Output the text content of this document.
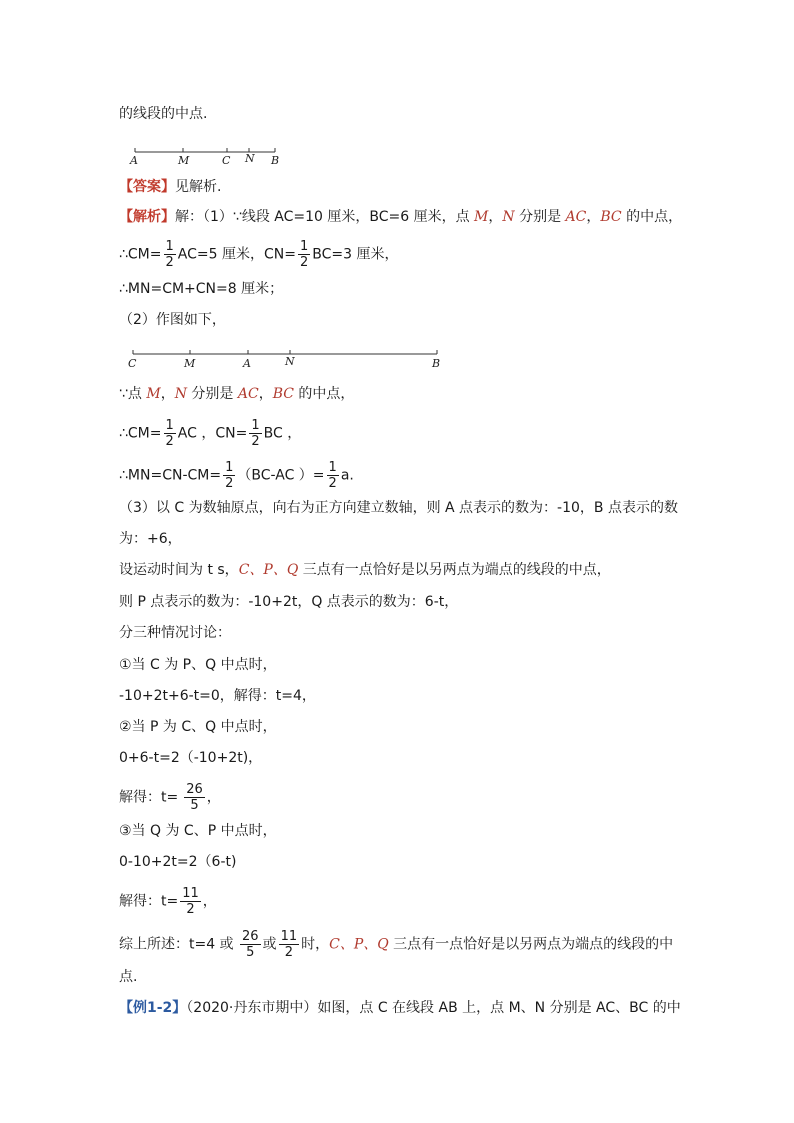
的线段的中点.
A	M	C N B
【答案】见解析.
【解析】解：（1）∵线段 AC=10 厘米，BC=6 厘米，点 M，N 分别是 AC，BC 的中点，
∴CM= $\frac{1}{2} AC=5$ 厘米，$CN= \frac{1}{2} BC=3$ 厘米，
∴MN=CM+CN=8 厘米；
（2）作图如下，
C	M	A	N	B
∵点 M，N 分别是 AC，BC 的中点，
∴CM= $\frac{1}{2}$ AC ，$CN= \frac{1}{2}$ BC ，
∴MN=CN-CM= $\frac{1}{2} (BC-AC$ ）= $\frac{1}{2} a$.
（3）以 C 为数轴原点，向右为正方向建立数轴，则 A 点表示的数为：-10，B 点表示的数
为：+6，
设运动时间为 t s，C、P、Q 三点有一点恰好是以另两点为端点的线段的中点，
则 P 点表示的数为：-10+2t，Q 点表示的数为：6-t，
分三种情况讨论：
①当 C 为 P、Q 中点时，
-10+2t+6-t=0，解得：t=4，
②当 P 为 C、Q 中点时，
0+6-t=2（-10+2t)，
解得：$t= \frac{26}{5}$ ，
③当 Q 为 C、P 中点时，
0-10+2t=2（6-t)
解得：$t= \frac{11}{2}$ ，
综上所述：t=4 或 $\frac{26}{5}$ 或 $\frac{11}{2}$ 时，C、P、Q 三点有一点恰好是以另两点为端点的线段的中
点.
【例1-2】（2020·丹东市期中）如图，点 C 在线段 AB 上，点 M、N 分别是 AC、BC 的中
